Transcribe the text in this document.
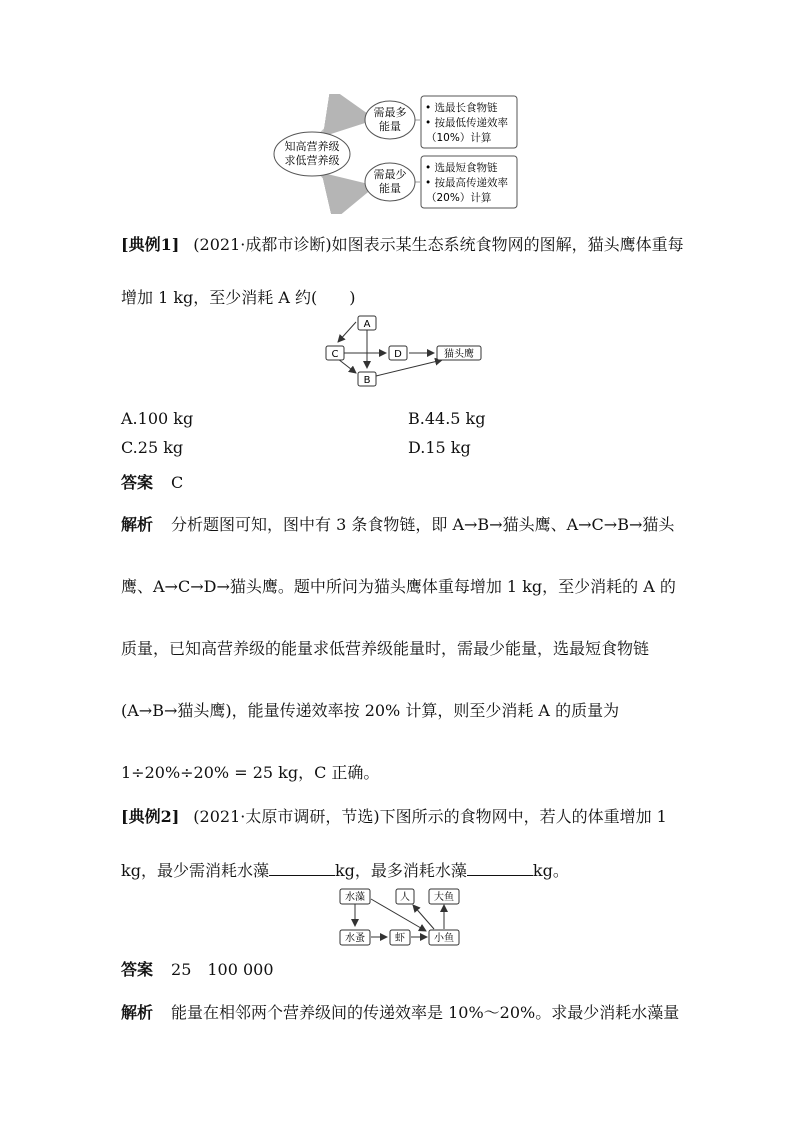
知高营养级
求低营养级
需最多
能量
需最少
能量
• 选最长食物链
• 按最低传递效率
（10%）计算
• 选最短食物链
• 按最高传递效率
（20%）计算
[典例1] (2021·成都市诊断)如图表示某生态系统食物网的图解，猫头鹰体重每
增加 1 kg，至少消耗 A 约(　　)
A
C	D
B
猫头鹰
A.100 kg	B.44.5 kg
C.25 kg	D.15 kg
答案 C
解析 分析题图可知，图中有 3 条食物链，即 A→B→猫头鹰、A→C→B→猫头
鹰、A→C→D→猫头鹰。题中所问为猫头鹰体重每增加 1 kg，至少消耗的 A 的
质量，已知高营养级的能量求低营养级能量时，需最少能量，选最短食物链
(A→B→猫头鹰)，能量传递效率按 20% 计算，则至少消耗 A 的质量为
1÷20%÷20% = 25 kg，C 正确。
[典例2] (2021·太原市调研，节选)下图所示的食物网中，若人的体重增加 1
kg，最少需消耗水藻	kg，最多消耗水藻	kg。
水藻	人 大鱼
水蚤	虾	小鱼
答案 25　100 000
解析 能量在相邻两个营养级间的传递效率是 10%～20%。求最少消耗水藻量
